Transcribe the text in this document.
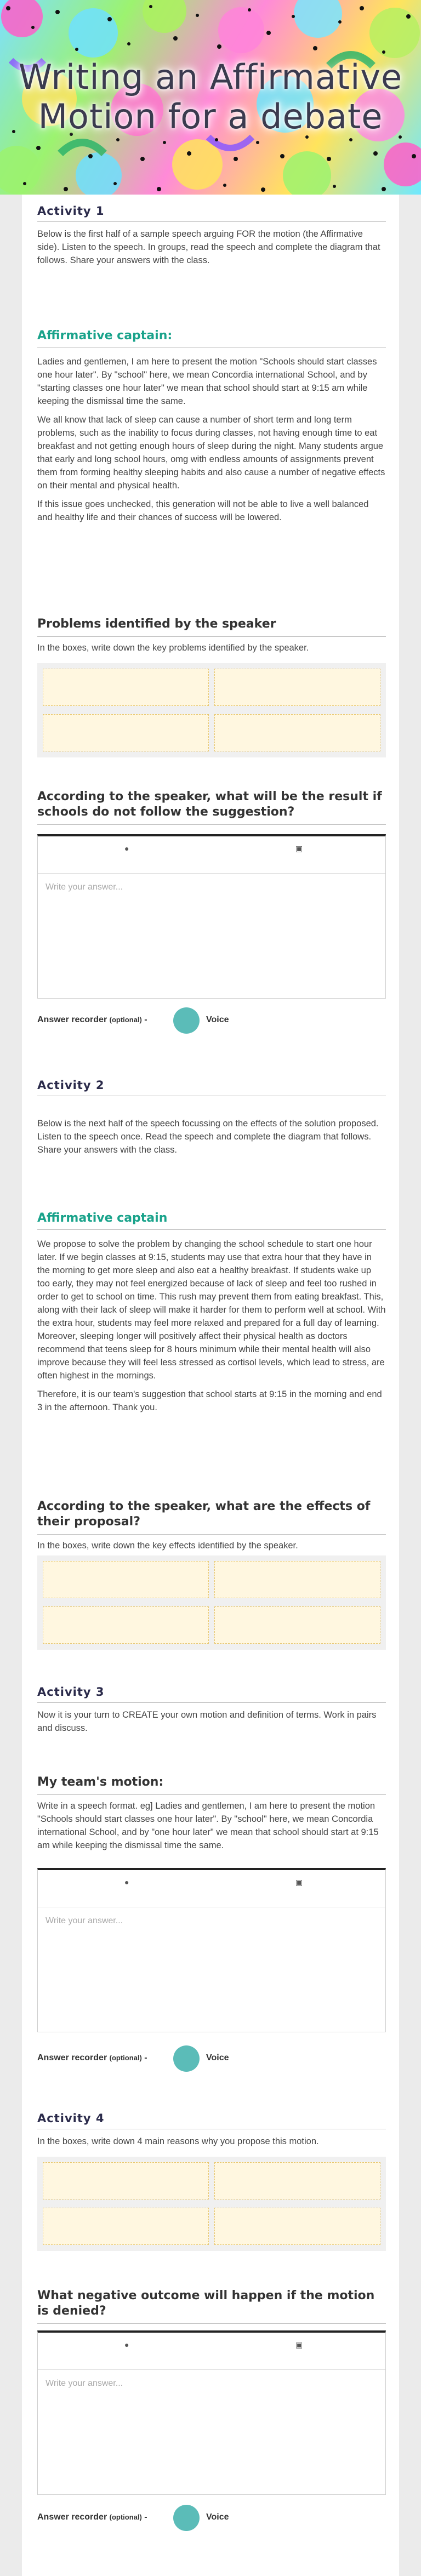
Writing an Affirmative
Motion for a debate
Activity 1

Below is the first half of a sample speech arguing FOR the motion (the Affirmative side). Listen to the speech. In groups, read the speech and complete the diagram that follows. Share your answers with the class.

Affirmative captain:

Ladies and gentlemen, I am here to present the motion "Schools should start classes one hour later". By "school" here, we mean Concordia international School, and by "starting classes one hour later" we mean that school should start at 9:15 am while keeping the dismissal time the same.

We all know that lack of sleep can cause a number of short term and long term problems, such as the inability to focus during classes, not having enough time to eat breakfast and not getting enough hours of sleep during the night. Many students argue that early and long school hours, omg with endless amounts of assignments prevent them from forming healthy sleeping habits and also cause a number of negative effects on their mental and physical health.

If this issue goes unchecked, this generation will not be able to live a well balanced and healthy life and their chances of success will be lowered.

Problems identified by the speaker

In the boxes, write down the key problems identified by the speaker.

According to the speaker, what will be the result if schools do not follow the suggestion?
●	▣
Write your answer...
Answer recorder (optional) -	Voice
Activity 2

Below is the next half of the speech focussing on the effects of the solution proposed. Listen to the speech once. Read the speech and complete the diagram that follows. Share your answers with the class.

Affirmative captain

We propose to solve the problem by changing the school schedule to start one hour later. If we begin classes at 9:15, students may use that extra hour that they have in the morning to get more sleep and also eat a healthy breakfast. If students wake up too early, they may not feel energized because of lack of sleep and feel too rushed in order to get to school on time. This rush may prevent them from eating breakfast. This, along with their lack of sleep will make it harder for them to perform well at school. With the extra hour, students may feel more relaxed and prepared for a full day of learning. Moreover, sleeping longer will positively affect their physical health as doctors recommend that teens sleep for 8 hours minimum while their mental health will also improve because they will feel less stressed as cortisol levels, which lead to stress, are often highest in the mornings.

Therefore, it is our team's suggestion that school starts at 9:15 in the morning and end 3 in the afternoon. Thank you.

According to the speaker, what are the effects of their proposal?

In the boxes, write down the key effects identified by the speaker.

Activity 3

Now it is your turn to CREATE your own motion and definition of terms. Work in pairs and discuss.

My team's motion:

Write in a speech format. eg] Ladies and gentlemen, I am here to present the motion "Schools should start classes one hour later". By "school" here, we mean Concordia international School, and by "one hour later" we mean that school should start at 9:15 am while keeping the dismissal time the same.

●	▣
Write your answer...
Answer recorder (optional) -	Voice
Activity 4

In the boxes, write down 4 main reasons why you propose this motion.

What negative outcome will happen if the motion is denied?
●	▣
Write your answer...
Answer recorder (optional) -	Voice
